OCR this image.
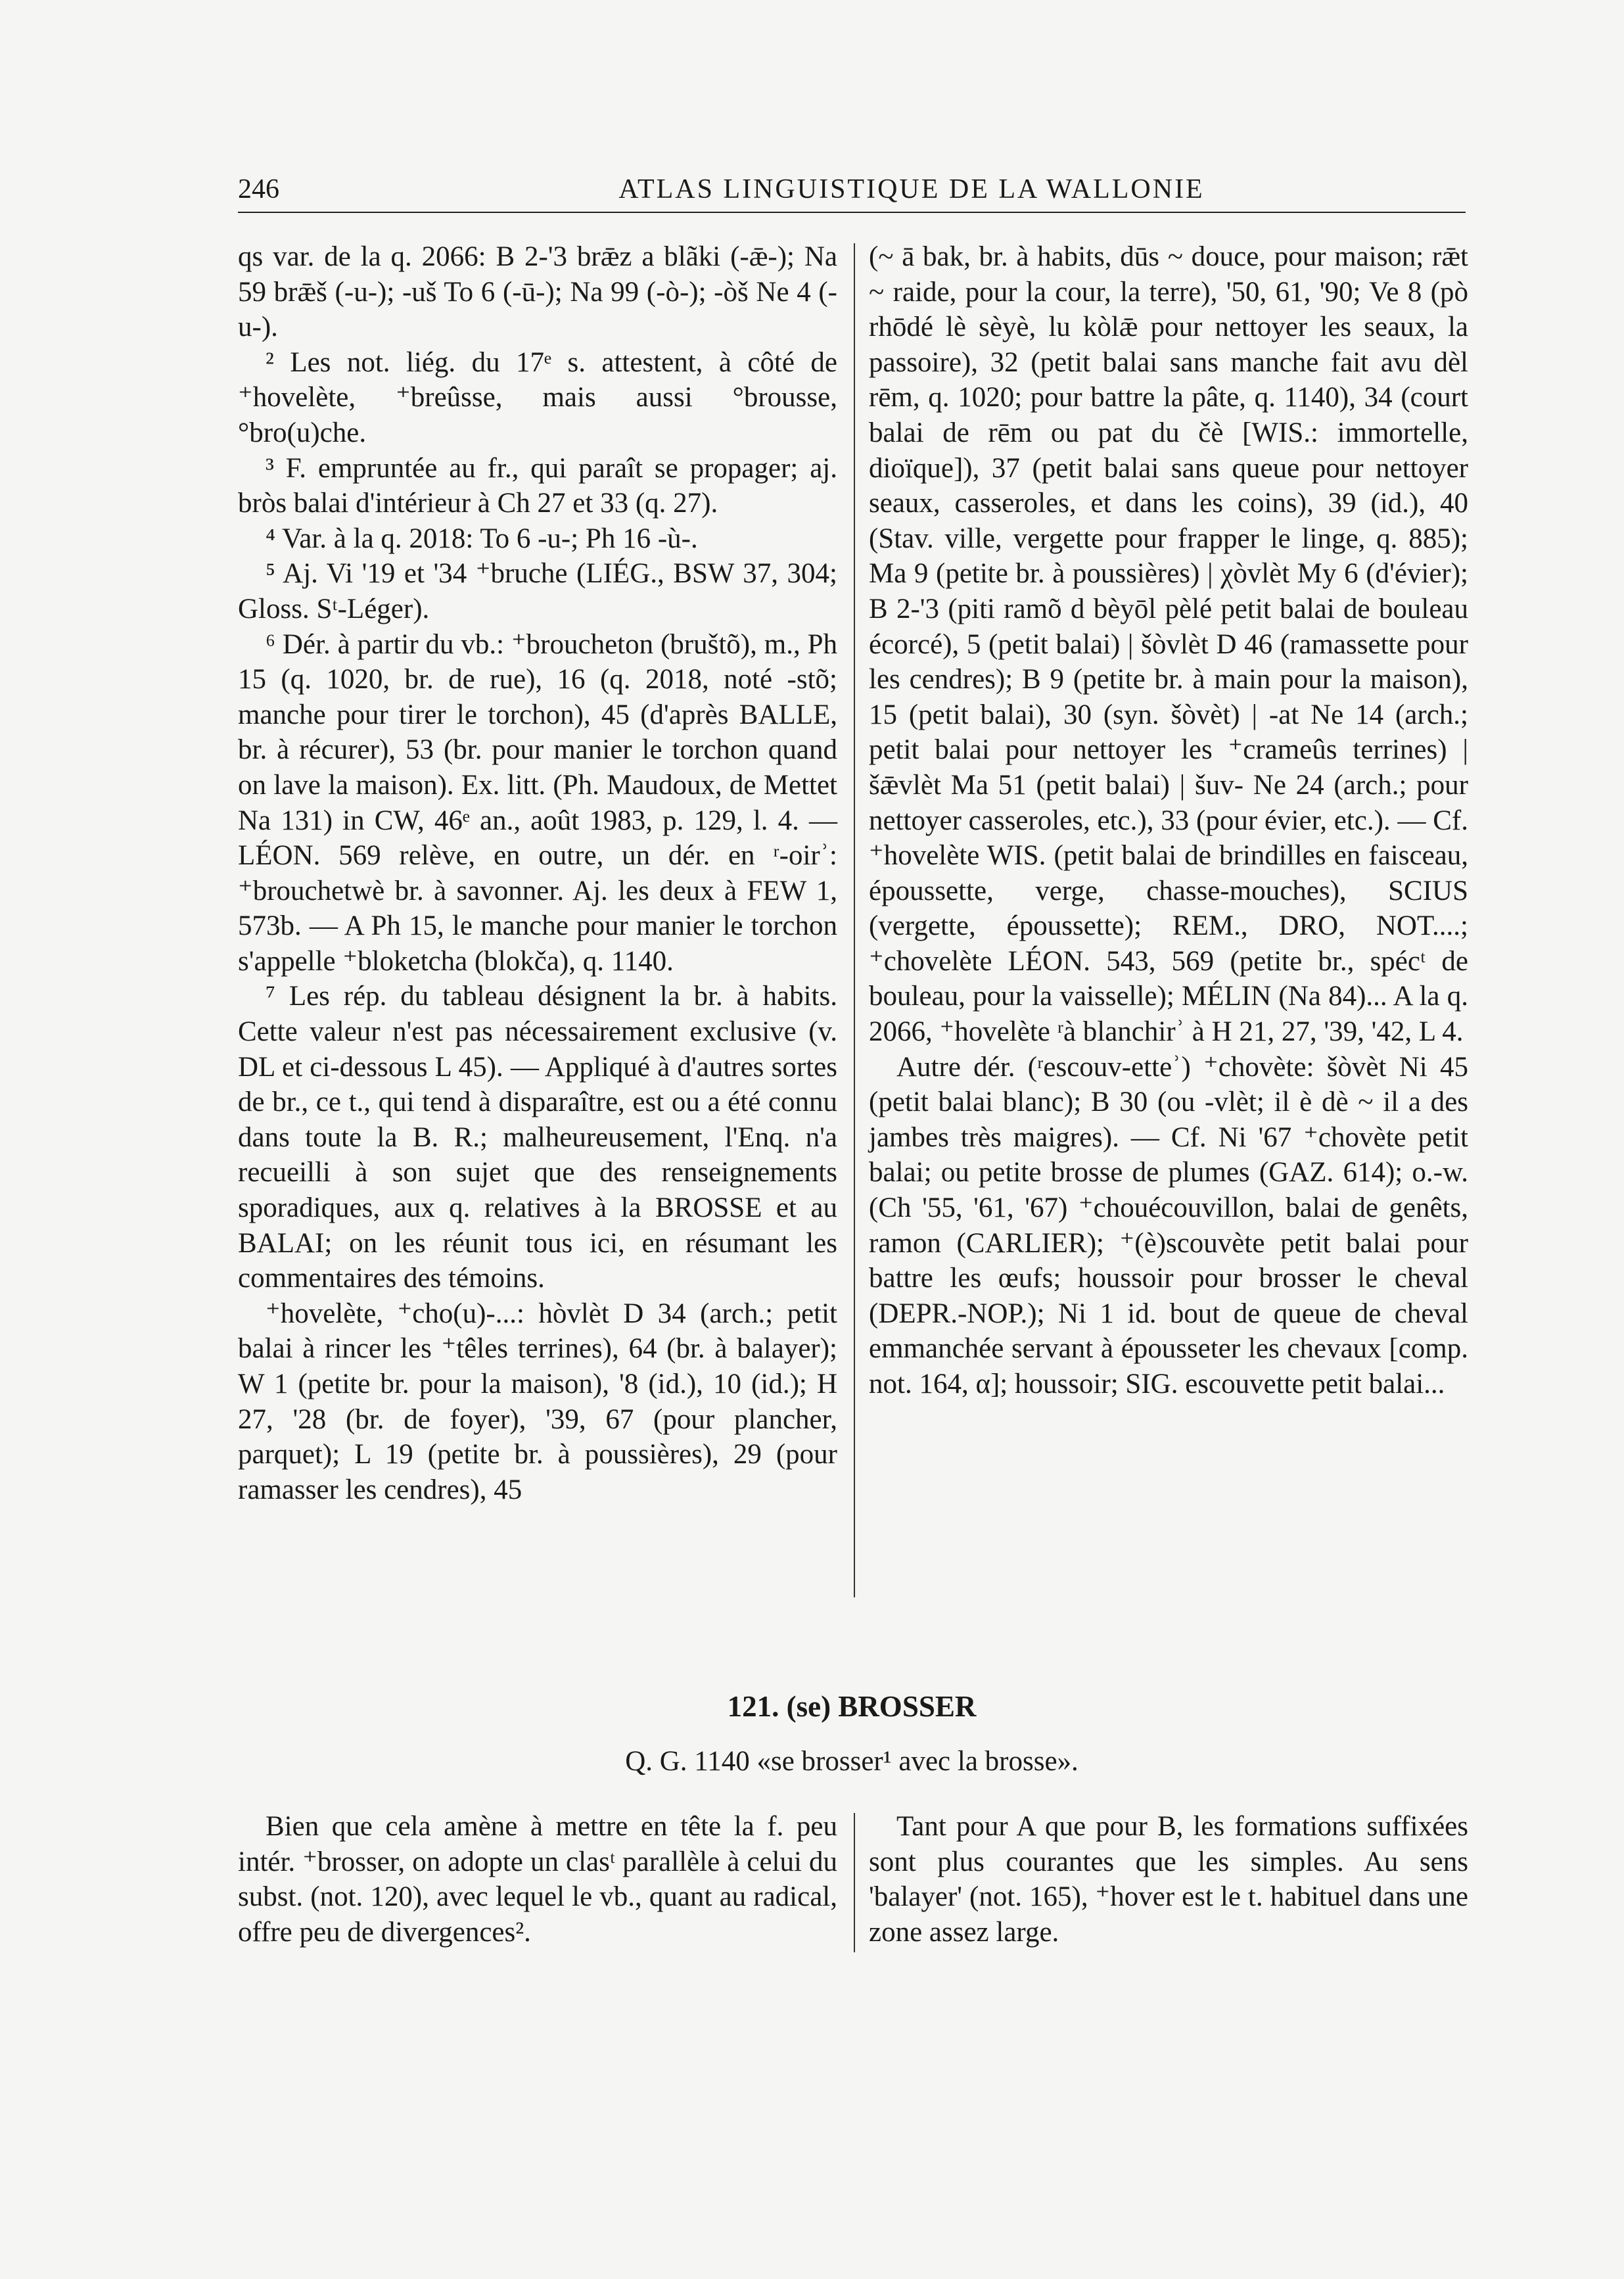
246	ATLAS LINGUISTIQUE DE LA WALLONIE

qs var. de la q. 2066: B 2-'3 brǣz a blãki (-ǣ-); Na 59 brǣš (-u-); -uš To 6 (-ū-); Na 99 (-ò-); -òš Ne 4 (-u-).

² Les not. liég. du 17ᵉ s. attestent, à côté de ⁺hovelète, ⁺breûsse, mais aussi °brousse, °bro(u)che.

³ F. empruntée au fr., qui paraît se propager; aj. bròs balai d'intérieur à Ch 27 et 33 (q. 27).

⁴ Var. à la q. 2018: To 6 -u-; Ph 16 -ù-.

⁵ Aj. Vi '19 et '34 ⁺bruche (LIÉG., BSW 37, 304; Gloss. Sᵗ-Léger).

⁶ Dér. à partir du vb.: ⁺broucheton (bruštõ), m., Ph 15 (q. 1020, br. de rue), 16 (q. 2018, noté -stõ; manche pour tirer le torchon), 45 (d'après BALLE, br. à récurer), 53 (br. pour manier le torchon quand on lave la maison). Ex. litt. (Ph. Maudoux, de Mettet Na 131) in CW, 46ᵉ an., août 1983, p. 129, l. 4. — LÉON. 569 relève, en outre, un dér. en ʳ-oirʾ: ⁺brouchetwè br. à savonner. Aj. les deux à FEW 1, 573b. — A Ph 15, le manche pour manier le torchon s'appelle ⁺bloketcha (blokča), q. 1140.

⁷ Les rép. du tableau désignent la br. à habits. Cette valeur n'est pas nécessairement exclusive (v. DL et ci-dessous L 45). — Appliqué à d'autres sortes de br., ce t., qui tend à disparaître, est ou a été connu dans toute la B. R.; malheureusement, l'Enq. n'a recueilli à son sujet que des renseignements sporadiques, aux q. relatives à la BROSSE et au BALAI; on les réunit tous ici, en résumant les commentaires des témoins.

⁺hovelète, ⁺cho(u)-...: hòvlèt D 34 (arch.; petit balai à rincer les ⁺têles terrines), 64 (br. à balayer); W 1 (petite br. pour la maison), '8 (id.), 10 (id.); H 27, '28 (br. de foyer), '39, 67 (pour plancher, parquet); L 19 (petite br. à poussières), 29 (pour ramasser les cendres), 45

(~ ā bak, br. à habits, dūs ~ douce, pour maison; rǣt ~ raide, pour la cour, la terre), '50, 61, '90; Ve 8 (pò rhōdé lè sèyè, lu kòlǣ pour nettoyer les seaux, la passoire), 32 (petit balai sans manche fait avu dèl rēm, q. 1020; pour battre la pâte, q. 1140), 34 (court balai de rēm ou pat du čè [WIS.: immortelle, dioïque]), 37 (petit balai sans queue pour nettoyer seaux, casseroles, et dans les coins), 39 (id.), 40 (Stav. ville, vergette pour frapper le linge, q. 885); Ma 9 (petite br. à poussières) | χòvlèt My 6 (d'évier); B 2-'3 (piti ramõ d bèyōl pèlé petit balai de bouleau écorcé), 5 (petit balai) | šòvlèt D 46 (ramassette pour les cendres); B 9 (petite br. à main pour la maison), 15 (petit balai), 30 (syn. šòvèt) | -at Ne 14 (arch.; petit balai pour nettoyer les ⁺crameûs terrines) | šǣvlèt Ma 51 (petit balai) | šuv- Ne 24 (arch.; pour nettoyer casseroles, etc.), 33 (pour évier, etc.). — Cf. ⁺hovelète WIS. (petit balai de brindilles en faisceau, époussette, verge, chasse-mouches), SCIUS (vergette, époussette); REM., DRO, NOT....; ⁺chovelète LÉON. 543, 569 (petite br., spécᵗ de bouleau, pour la vaisselle); MÉLIN (Na 84)... A la q. 2066, ⁺hovelète ʳà blanchirʾ à H 21, 27, '39, '42, L 4.

Autre dér. (ʳescouv-etteʾ) ⁺chovète: šòvèt Ni 45 (petit balai blanc); B 30 (ou -vlèt; il è dè ~ il a des jambes très maigres). — Cf. Ni '67 ⁺chovète petit balai; ou petite brosse de plumes (GAZ. 614); o.-w. (Ch '55, '61, '67) ⁺chouécouvillon, balai de genêts, ramon (CARLIER); ⁺(è)scouvète petit balai pour battre les œufs; houssoir pour brosser le cheval (DEPR.-NOP.); Ni 1 id. bout de queue de cheval emmanchée servant à épousseter les chevaux [comp. not. 164, α]; houssoir; SIG. escouvette petit balai...

121. (se) BROSSER
Q. G. 1140 «se brosser¹ avec la brosse».

Bien que cela amène à mettre en tête la f. peu intér. ⁺brosser, on adopte un clasᵗ parallèle à celui du subst. (not. 120), avec lequel le vb., quant au radical, offre peu de divergences².

Tant pour A que pour B, les formations suffixées sont plus courantes que les simples. Au sens 'balayer' (not. 165), ⁺hover est le t. habituel dans une zone assez large.
